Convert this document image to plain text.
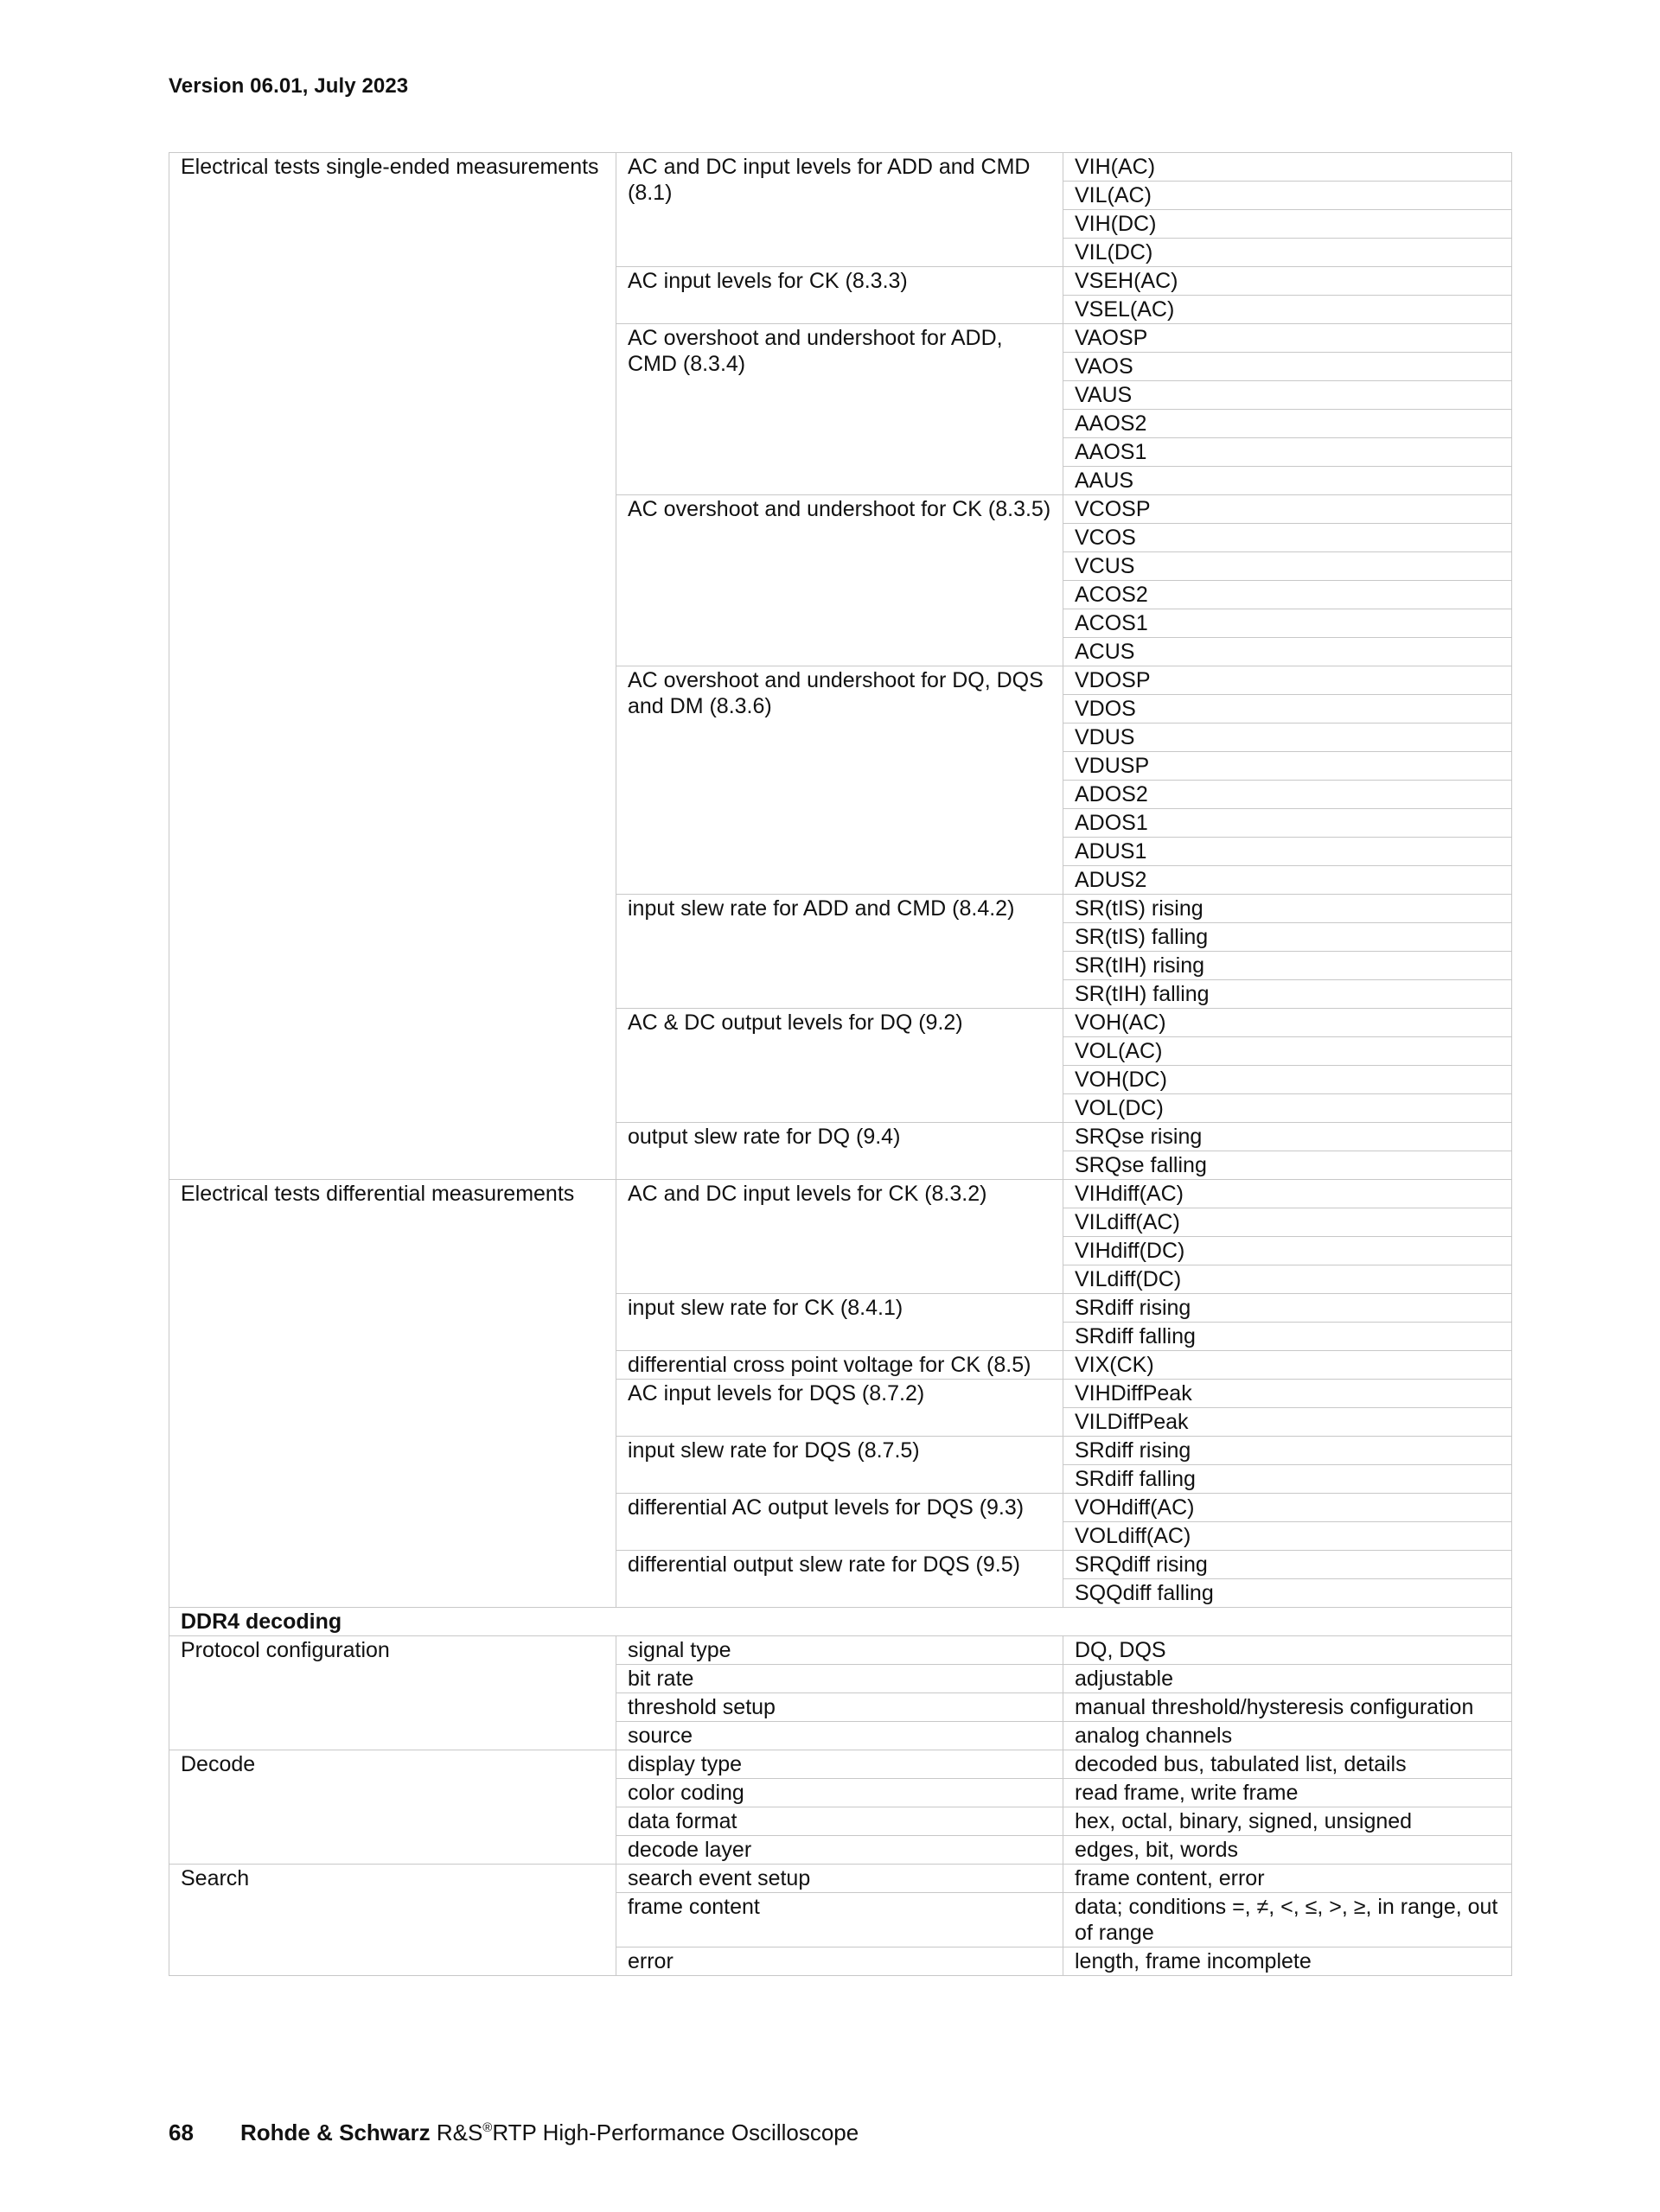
Version 06.01, July 2023
Electrical tests single-ended measurements	AC and DC input levels for ADD and CMD (8.1)	VIH(AC)
		VIL(AC)
		VIH(DC)
		VIL(DC)
	AC input levels for CK (8.3.3)	VSEH(AC)
		VSEL(AC)
	AC overshoot and undershoot for ADD, CMD (8.3.4)	VAOSP
		VAOS
		VAUS
		AAOS2
		AAOS1
		AAUS
	AC overshoot and undershoot for CK (8.3.5)	VCOSP
		VCOS
		VCUS
		ACOS2
		ACOS1
		ACUS
	AC overshoot and undershoot for DQ, DQS and DM (8.3.6)	VDOSP
		VDOS
		VDUS
		VDUSP
		ADOS2
		ADOS1
		ADUS1
		ADUS2
	input slew rate for ADD and CMD (8.4.2)	SR(tIS) rising
		SR(tIS) falling
		SR(tIH) rising
		SR(tIH) falling
	AC & DC output levels for DQ (9.2)	VOH(AC)
		VOL(AC)
		VOH(DC)
		VOL(DC)
	output slew rate for DQ (9.4)	SRQse rising
		SRQse falling
Electrical tests differential measurements	AC and DC input levels for CK (8.3.2)	VIHdiff(AC)
		VILdiff(AC)
		VIHdiff(DC)
		VILdiff(DC)
	input slew rate for CK (8.4.1)	SRdiff rising
		SRdiff falling
	differential cross point voltage for CK (8.5)	VIX(CK)
	AC input levels for DQS (8.7.2)	VIHDiffPeak
		VILDiffPeak
	input slew rate for DQS (8.7.5)	SRdiff rising
		SRdiff falling
	differential AC output levels for DQS (9.3)	VOHdiff(AC)
		VOLdiff(AC)
	differential output slew rate for DQS (9.5)	SRQdiff rising
		SQQdiff falling
DDR4 decoding		
Protocol configuration	signal type	DQ, DQS
	bit rate	adjustable
	threshold setup	manual threshold/hysteresis configuration
	source	analog channels
Decode	display type	decoded bus, tabulated list, details
	color coding	read frame, write frame
	data format	hex, octal, binary, signed, unsigned
	decode layer	edges, bit, words
Search	search event setup	frame content, error
	frame content	data; conditions =, ≠, <, ≤, >, ≥, in range, out of range
	error	length, frame incomplete
68 Rohde & Schwarz R&S®RTP High-Performance Oscilloscope
